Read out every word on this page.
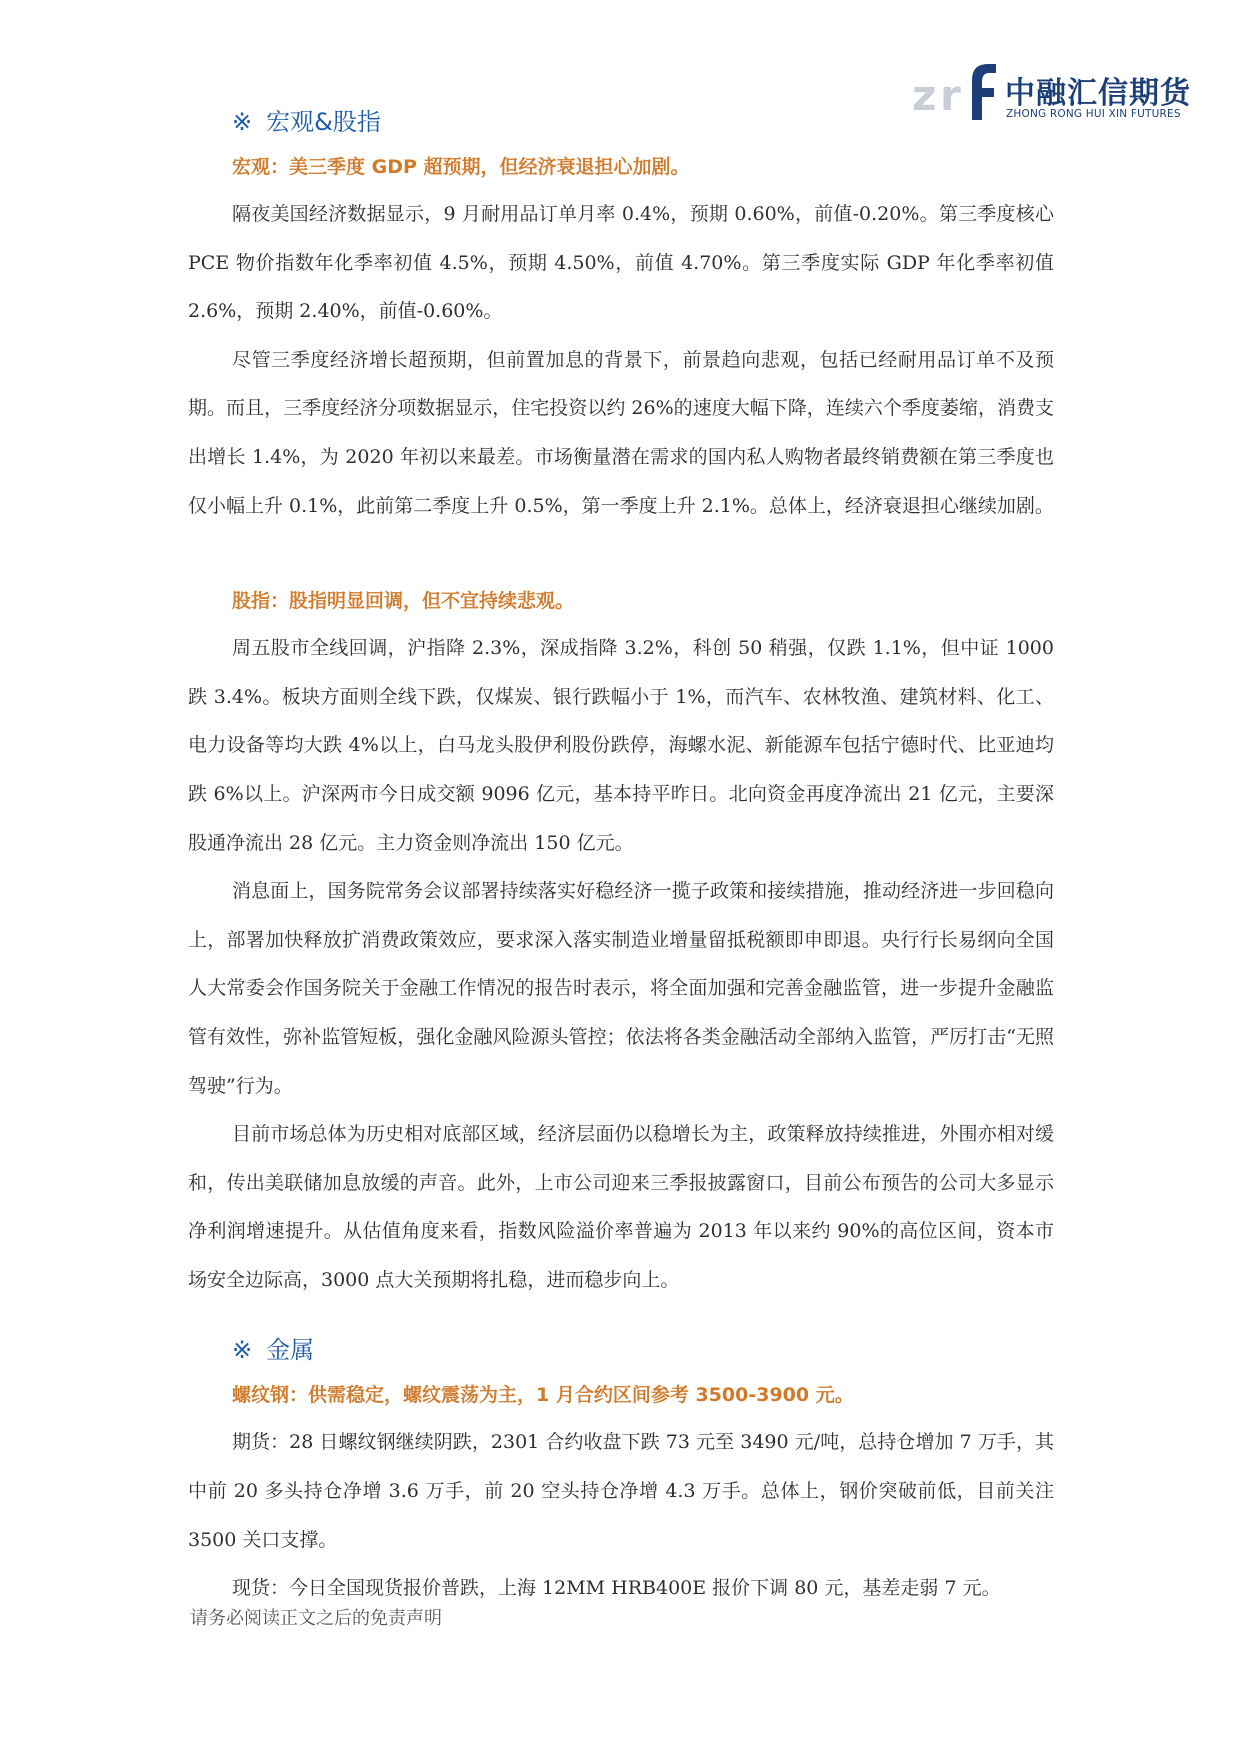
z r 中融汇信期货
ZHONG RONG HUI XIN FUTURES
※ 宏观&股指
宏观：美三季度 GDP 超预期，但经济衰退担心加剧。

隔夜美国经济数据显示，9 月耐用品订单月率 0.4%，预期 0.60%，前值-0.20%。第三季度核心 PCE 物价指数年化季率初值 4.5%，预期 4.50%，前值 4.70%。第三季度实际 GDP 年化季率初值 2.6%，预期 2.40%，前值-0.60%。

尽管三季度经济增长超预期，但前置加息的背景下，前景趋向悲观，包括已经耐用品订单不及预期。而且，三季度经济分项数据显示，住宅投资以约 26%的速度大幅下降，连续六个季度萎缩，消费支出增长 1.4%，为 2020 年初以来最差。市场衡量潜在需求的国内私人购物者最终销费额在第三季度也仅小幅上升 0.1%，此前第二季度上升 0.5%，第一季度上升 2.1%。总体上，经济衰退担心继续加剧。

股指：股指明显回调，但不宜持续悲观。

周五股市全线回调，沪指降 2.3%，深成指降 3.2%，科创 50 稍强，仅跌 1.1%，但中证 1000 跌 3.4%。板块方面则全线下跌，仅煤炭、银行跌幅小于 1%，而汽车、农林牧渔、建筑材料、化工、电力设备等均大跌 4%以上，白马龙头股伊利股份跌停，海螺水泥、新能源车包括宁德时代、比亚迪均跌 6%以上。沪深两市今日成交额 9096 亿元，基本持平昨日。北向资金再度净流出 21 亿元，主要深股通净流出 28 亿元。主力资金则净流出 150 亿元。

消息面上，国务院常务会议部署持续落实好稳经济一揽子政策和接续措施，推动经济进一步回稳向上，部署加快释放扩消费政策效应，要求深入落实制造业增量留抵税额即申即退。央行行长易纲向全国人大常委会作国务院关于金融工作情况的报告时表示，将全面加强和完善金融监管，进一步提升金融监管有效性，弥补监管短板，强化金融风险源头管控；依法将各类金融活动全部纳入监管，严厉打击“无照驾驶”行为。

目前市场总体为历史相对底部区域，经济层面仍以稳增长为主，政策释放持续推进，外围亦相对缓和，传出美联储加息放缓的声音。此外，上市公司迎来三季报披露窗口，目前公布预告的公司大多显示净利润增速提升。从估值角度来看，指数风险溢价率普遍为 2013 年以来约 90%的高位区间，资本市场安全边际高，3000 点大关预期将扎稳，进而稳步向上。

※ 金属
螺纹钢：供需稳定，螺纹震荡为主，1 月合约区间参考 3500-3900 元。

期货：28 日螺纹钢继续阴跌，2301 合约收盘下跌 73 元至 3490 元/吨，总持仓增加 7 万手，其中前 20 多头持仓净增 3.6 万手，前 20 空头持仓净增 4.3 万手。总体上，钢价突破前低，目前关注 3500 关口支撑。

现货：今日全国现货报价普跌，上海 12MM HRB400E 报价下调 80 元，基差走弱 7 元。

请务必阅读正文之后的免责声明
